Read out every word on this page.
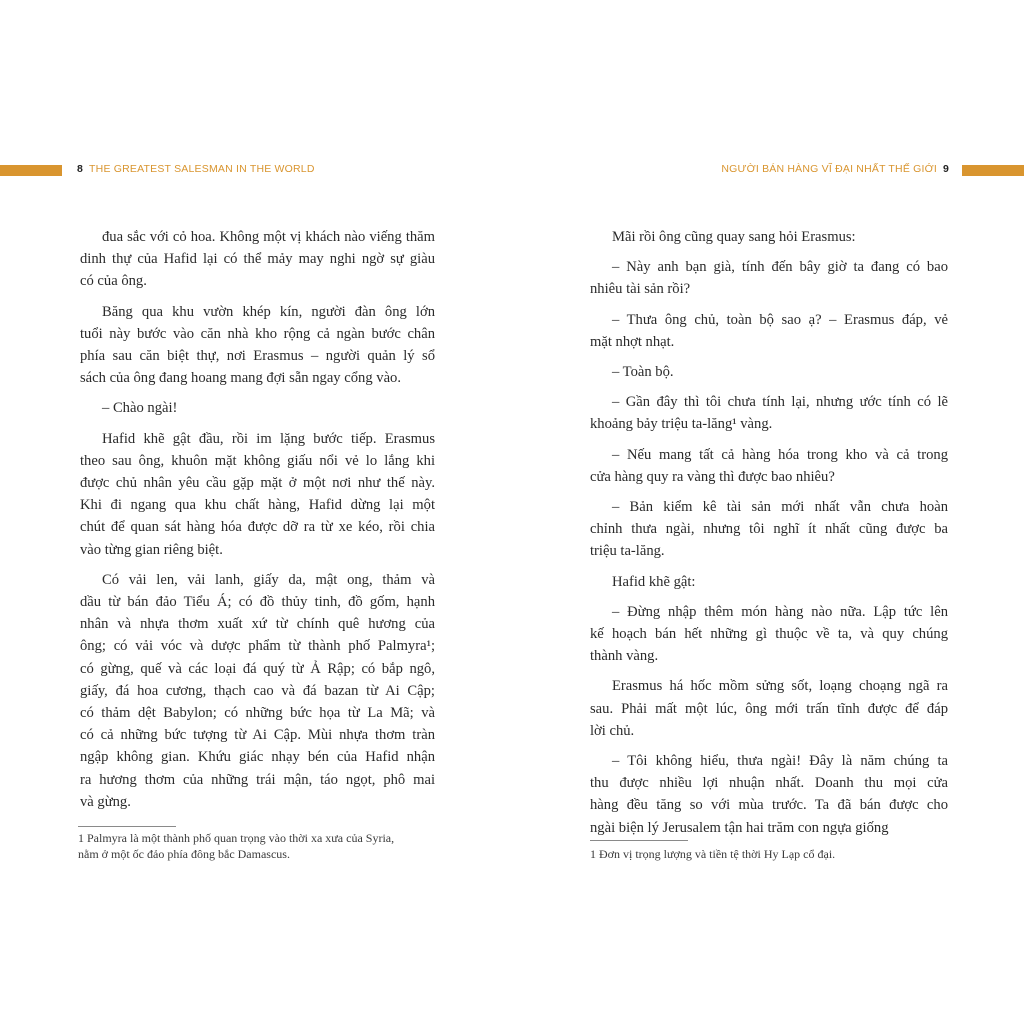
8 THE GREATEST SALESMAN IN THE WORLD	NGƯỜI BÁN HÀNG VĨ ĐẠI NHẤT THẾ GIỚI 9
đua sắc với cỏ hoa. Không một vị khách nào viếng thăm
dinh thự của Hafid lại có thể mảy may nghi ngờ sự giàu
có của ông.
Băng qua khu vườn khép kín, người đàn ông lớn
tuổi này bước vào căn nhà kho rộng cả ngàn bước chân
phía sau căn biệt thự, nơi Erasmus – người quản lý sổ
sách của ông đang hoang mang đợi sẵn ngay cổng vào.
– Chào ngài!
Hafid khẽ gật đầu, rồi im lặng bước tiếp. Erasmus
theo sau ông, khuôn mặt không giấu nổi vẻ lo lắng khi
được chủ nhân yêu cầu gặp mặt ở một nơi như thế này.
Khi đi ngang qua khu chất hàng, Hafid dừng lại một
chút để quan sát hàng hóa được dỡ ra từ xe kéo, rồi chia
vào từng gian riêng biệt.
Có vải len, vải lanh, giấy da, mật ong, thảm và
dầu từ bán đảo Tiểu Á; có đồ thủy tinh, đồ gốm, hạnh
nhân và nhựa thơm xuất xứ từ chính quê hương của
ông; có vải vóc và dược phẩm từ thành phố Palmyra¹;
có gừng, quế và các loại đá quý từ Ả Rập; có bắp ngô,
giấy, đá hoa cương, thạch cao và đá bazan từ Ai Cập;
có thảm dệt Babylon; có những bức họa từ La Mã; và
có cả những bức tượng từ Ai Cập. Mùi nhựa thơm tràn
ngập không gian. Khứu giác nhạy bén của Hafid nhận
ra hương thơm của những trái mận, táo ngọt, phô mai
và gừng.
Mãi rồi ông cũng quay sang hỏi Erasmus:
– Này anh bạn già, tính đến bây giờ ta đang có bao
nhiêu tài sản rồi?
– Thưa ông chủ, toàn bộ sao ạ? – Erasmus đáp, vẻ
mặt nhợt nhạt.
– Toàn bộ.
– Gần đây thì tôi chưa tính lại, nhưng ước tính có lẽ
khoảng bảy triệu ta-lăng¹ vàng.
– Nếu mang tất cả hàng hóa trong kho và cả trong
cửa hàng quy ra vàng thì được bao nhiêu?
– Bản kiểm kê tài sản mới nhất vẫn chưa hoàn
chỉnh thưa ngài, nhưng tôi nghĩ ít nhất cũng được ba
triệu ta-lăng.
Hafid khẽ gật:
– Đừng nhập thêm món hàng nào nữa. Lập tức lên
kế hoạch bán hết những gì thuộc về ta, và quy chúng
thành vàng.
Erasmus há hốc mồm sửng sốt, loạng choạng ngã ra
sau. Phải mất một lúc, ông mới trấn tĩnh được để đáp
lời chủ.
– Tôi không hiểu, thưa ngài! Đây là năm chúng ta
thu được nhiều lợi nhuận nhất. Doanh thu mọi cửa
hàng đều tăng so với mùa trước. Ta đã bán được cho
ngài biện lý Jerusalem tận hai trăm con ngựa giống
1 Palmyra là một thành phố quan trọng vào thời xa xưa của Syria,
nằm ở một ốc đảo phía đông bắc Damascus.	1 Đơn vị trọng lượng và tiền tệ thời Hy Lạp cổ đại.
